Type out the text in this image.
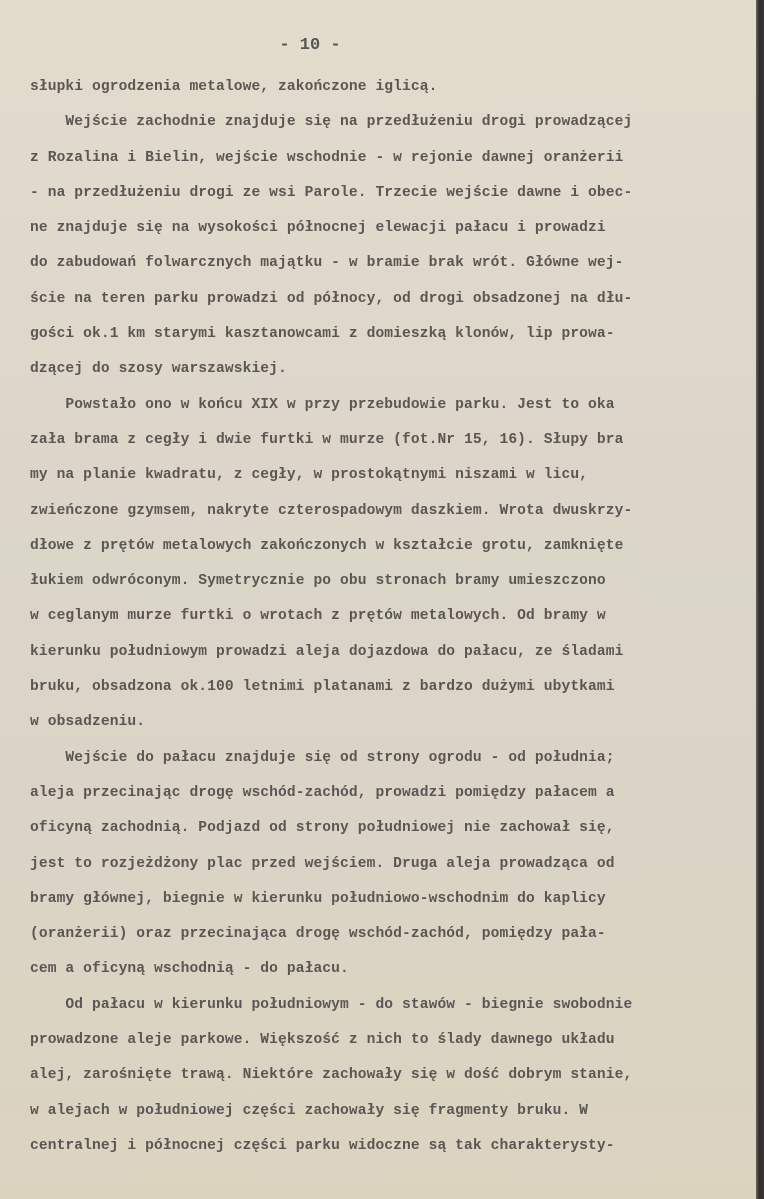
- 10 -
słupki ogrodzenia metalowe, zakończone iglicą.
Wejście zachodnie znajduje się na przedłużeniu drogi prowadzącej
z Rozalina i Bielin, wejście wschodnie - w rejonie dawnej oranżerii
- na przedłużeniu drogi ze wsi Parole. Trzecie wejście dawne i obec-
ne znajduje się na wysokości północnej elewacji pałacu i prowadzi
do zabudowań folwarcznych majątku - w bramie brak wrót. Główne wej-
ście na teren parku prowadzi od północy, od drogi obsadzonej na dłu-
gości ok.1 km starymi kasztanowcami z domieszką klonów, lip prowa-
dzącej do szosy warszawskiej.
Powstało ono w końcu XIX w przy przebudowie parku. Jest to oka
zała brama z cegły i dwie furtki w murze (fot.Nr 15, 16). Słupy bra
my na planie kwadratu, z cegły, w prostokątnymi niszami w licu,
zwieńczone gzymsem, nakryte czterospadowym daszkiem. Wrota dwuskrzy-
dłowe z prętów metalowych zakończonych w kształcie grotu, zamknięte
łukiem odwróconym. Symetrycznie po obu stronach bramy umieszczono
w ceglanym murze furtki o wrotach z prętów metalowych. Od bramy w
kierunku południowym prowadzi aleja dojazdowa do pałacu, ze śladami
bruku, obsadzona ok.100 letnimi platanami z bardzo dużymi ubytkami
w obsadzeniu.
Wejście do pałacu znajduje się od strony ogrodu - od południa;
aleja przecinając drogę wschód-zachód, prowadzi pomiędzy pałacem a
oficyną zachodnią. Podjazd od strony południowej nie zachował się,
jest to rozjeżdżony plac przed wejściem. Druga aleja prowadząca od
bramy głównej, biegnie w kierunku południowo-wschodnim do kaplicy
(oranżerii) oraz przecinająca drogę wschód-zachód, pomiędzy pała-
cem a oficyną wschodnią - do pałacu.
Od pałacu w kierunku południowym - do stawów - biegnie swobodnie
prowadzone aleje parkowe. Większość z nich to ślady dawnego układu
alej, zarośnięte trawą. Niektóre zachowały się w dość dobrym stanie,
w alejach w południowej części zachowały się fragmenty bruku. W
centralnej i północnej części parku widoczne są tak charakterysty-
